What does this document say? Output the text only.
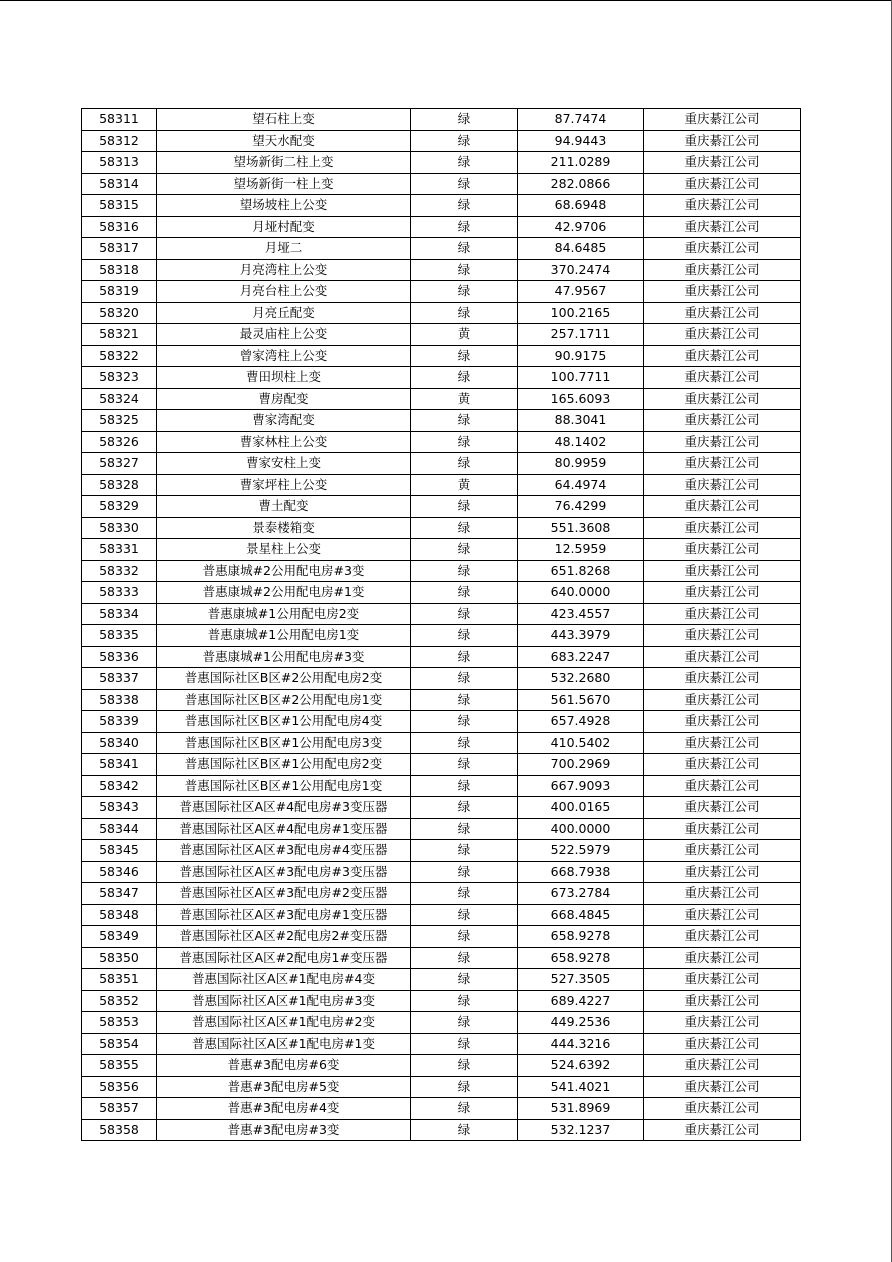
58311	望石柱上变	绿	87.7474	重庆綦江公司
58312	望天水配变	绿	94.9443	重庆綦江公司
58313	望场新街二柱上变	绿	211.0289	重庆綦江公司
58314	望场新街一柱上变	绿	282.0866	重庆綦江公司
58315	望场坡柱上公变	绿	68.6948	重庆綦江公司
58316	月垭村配变	绿	42.9706	重庆綦江公司
58317	月垭二	绿	84.6485	重庆綦江公司
58318	月亮湾柱上公变	绿	370.2474	重庆綦江公司
58319	月亮台柱上公变	绿	47.9567	重庆綦江公司
58320	月亮丘配变	绿	100.2165	重庆綦江公司
58321	最灵庙柱上公变	黄	257.1711	重庆綦江公司
58322	曾家湾柱上公变	绿	90.9175	重庆綦江公司
58323	曹田坝柱上变	绿	100.7711	重庆綦江公司
58324	曹房配变	黄	165.6093	重庆綦江公司
58325	曹家湾配变	绿	88.3041	重庆綦江公司
58326	曹家林柱上公变	绿	48.1402	重庆綦江公司
58327	曹家安柱上变	绿	80.9959	重庆綦江公司
58328	曹家坪柱上公变	黄	64.4974	重庆綦江公司
58329	曹土配变	绿	76.4299	重庆綦江公司
58330	景泰楼箱变	绿	551.3608	重庆綦江公司
58331	景星柱上公变	绿	12.5959	重庆綦江公司
58332	普惠康城#2公用配电房#3变	绿	651.8268	重庆綦江公司
58333	普惠康城#2公用配电房#1变	绿	640.0000	重庆綦江公司
58334	普惠康城#1公用配电房2变	绿	423.4557	重庆綦江公司
58335	普惠康城#1公用配电房1变	绿	443.3979	重庆綦江公司
58336	普惠康城#1公用配电房#3变	绿	683.2247	重庆綦江公司
58337	普惠国际社区B区#2公用配电房2变	绿	532.2680	重庆綦江公司
58338	普惠国际社区B区#2公用配电房1变	绿	561.5670	重庆綦江公司
58339	普惠国际社区B区#1公用配电房4变	绿	657.4928	重庆綦江公司
58340	普惠国际社区B区#1公用配电房3变	绿	410.5402	重庆綦江公司
58341	普惠国际社区B区#1公用配电房2变	绿	700.2969	重庆綦江公司
58342	普惠国际社区B区#1公用配电房1变	绿	667.9093	重庆綦江公司
58343	普惠国际社区A区#4配电房#3变压器	绿	400.0165	重庆綦江公司
58344	普惠国际社区A区#4配电房#1变压器	绿	400.0000	重庆綦江公司
58345	普惠国际社区A区#3配电房#4变压器	绿	522.5979	重庆綦江公司
58346	普惠国际社区A区#3配电房#3变压器	绿	668.7938	重庆綦江公司
58347	普惠国际社区A区#3配电房#2变压器	绿	673.2784	重庆綦江公司
58348	普惠国际社区A区#3配电房#1变压器	绿	668.4845	重庆綦江公司
58349	普惠国际社区A区#2配电房2#变压器	绿	658.9278	重庆綦江公司
58350	普惠国际社区A区#2配电房1#变压器	绿	658.9278	重庆綦江公司
58351	普惠国际社区A区#1配电房#4变	绿	527.3505	重庆綦江公司
58352	普惠国际社区A区#1配电房#3变	绿	689.4227	重庆綦江公司
58353	普惠国际社区A区#1配电房#2变	绿	449.2536	重庆綦江公司
58354	普惠国际社区A区#1配电房#1变	绿	444.3216	重庆綦江公司
58355	普惠#3配电房#6变	绿	524.6392	重庆綦江公司
58356	普惠#3配电房#5变	绿	541.4021	重庆綦江公司
58357	普惠#3配电房#4变	绿	531.8969	重庆綦江公司
58358	普惠#3配电房#3变	绿	532.1237	重庆綦江公司
